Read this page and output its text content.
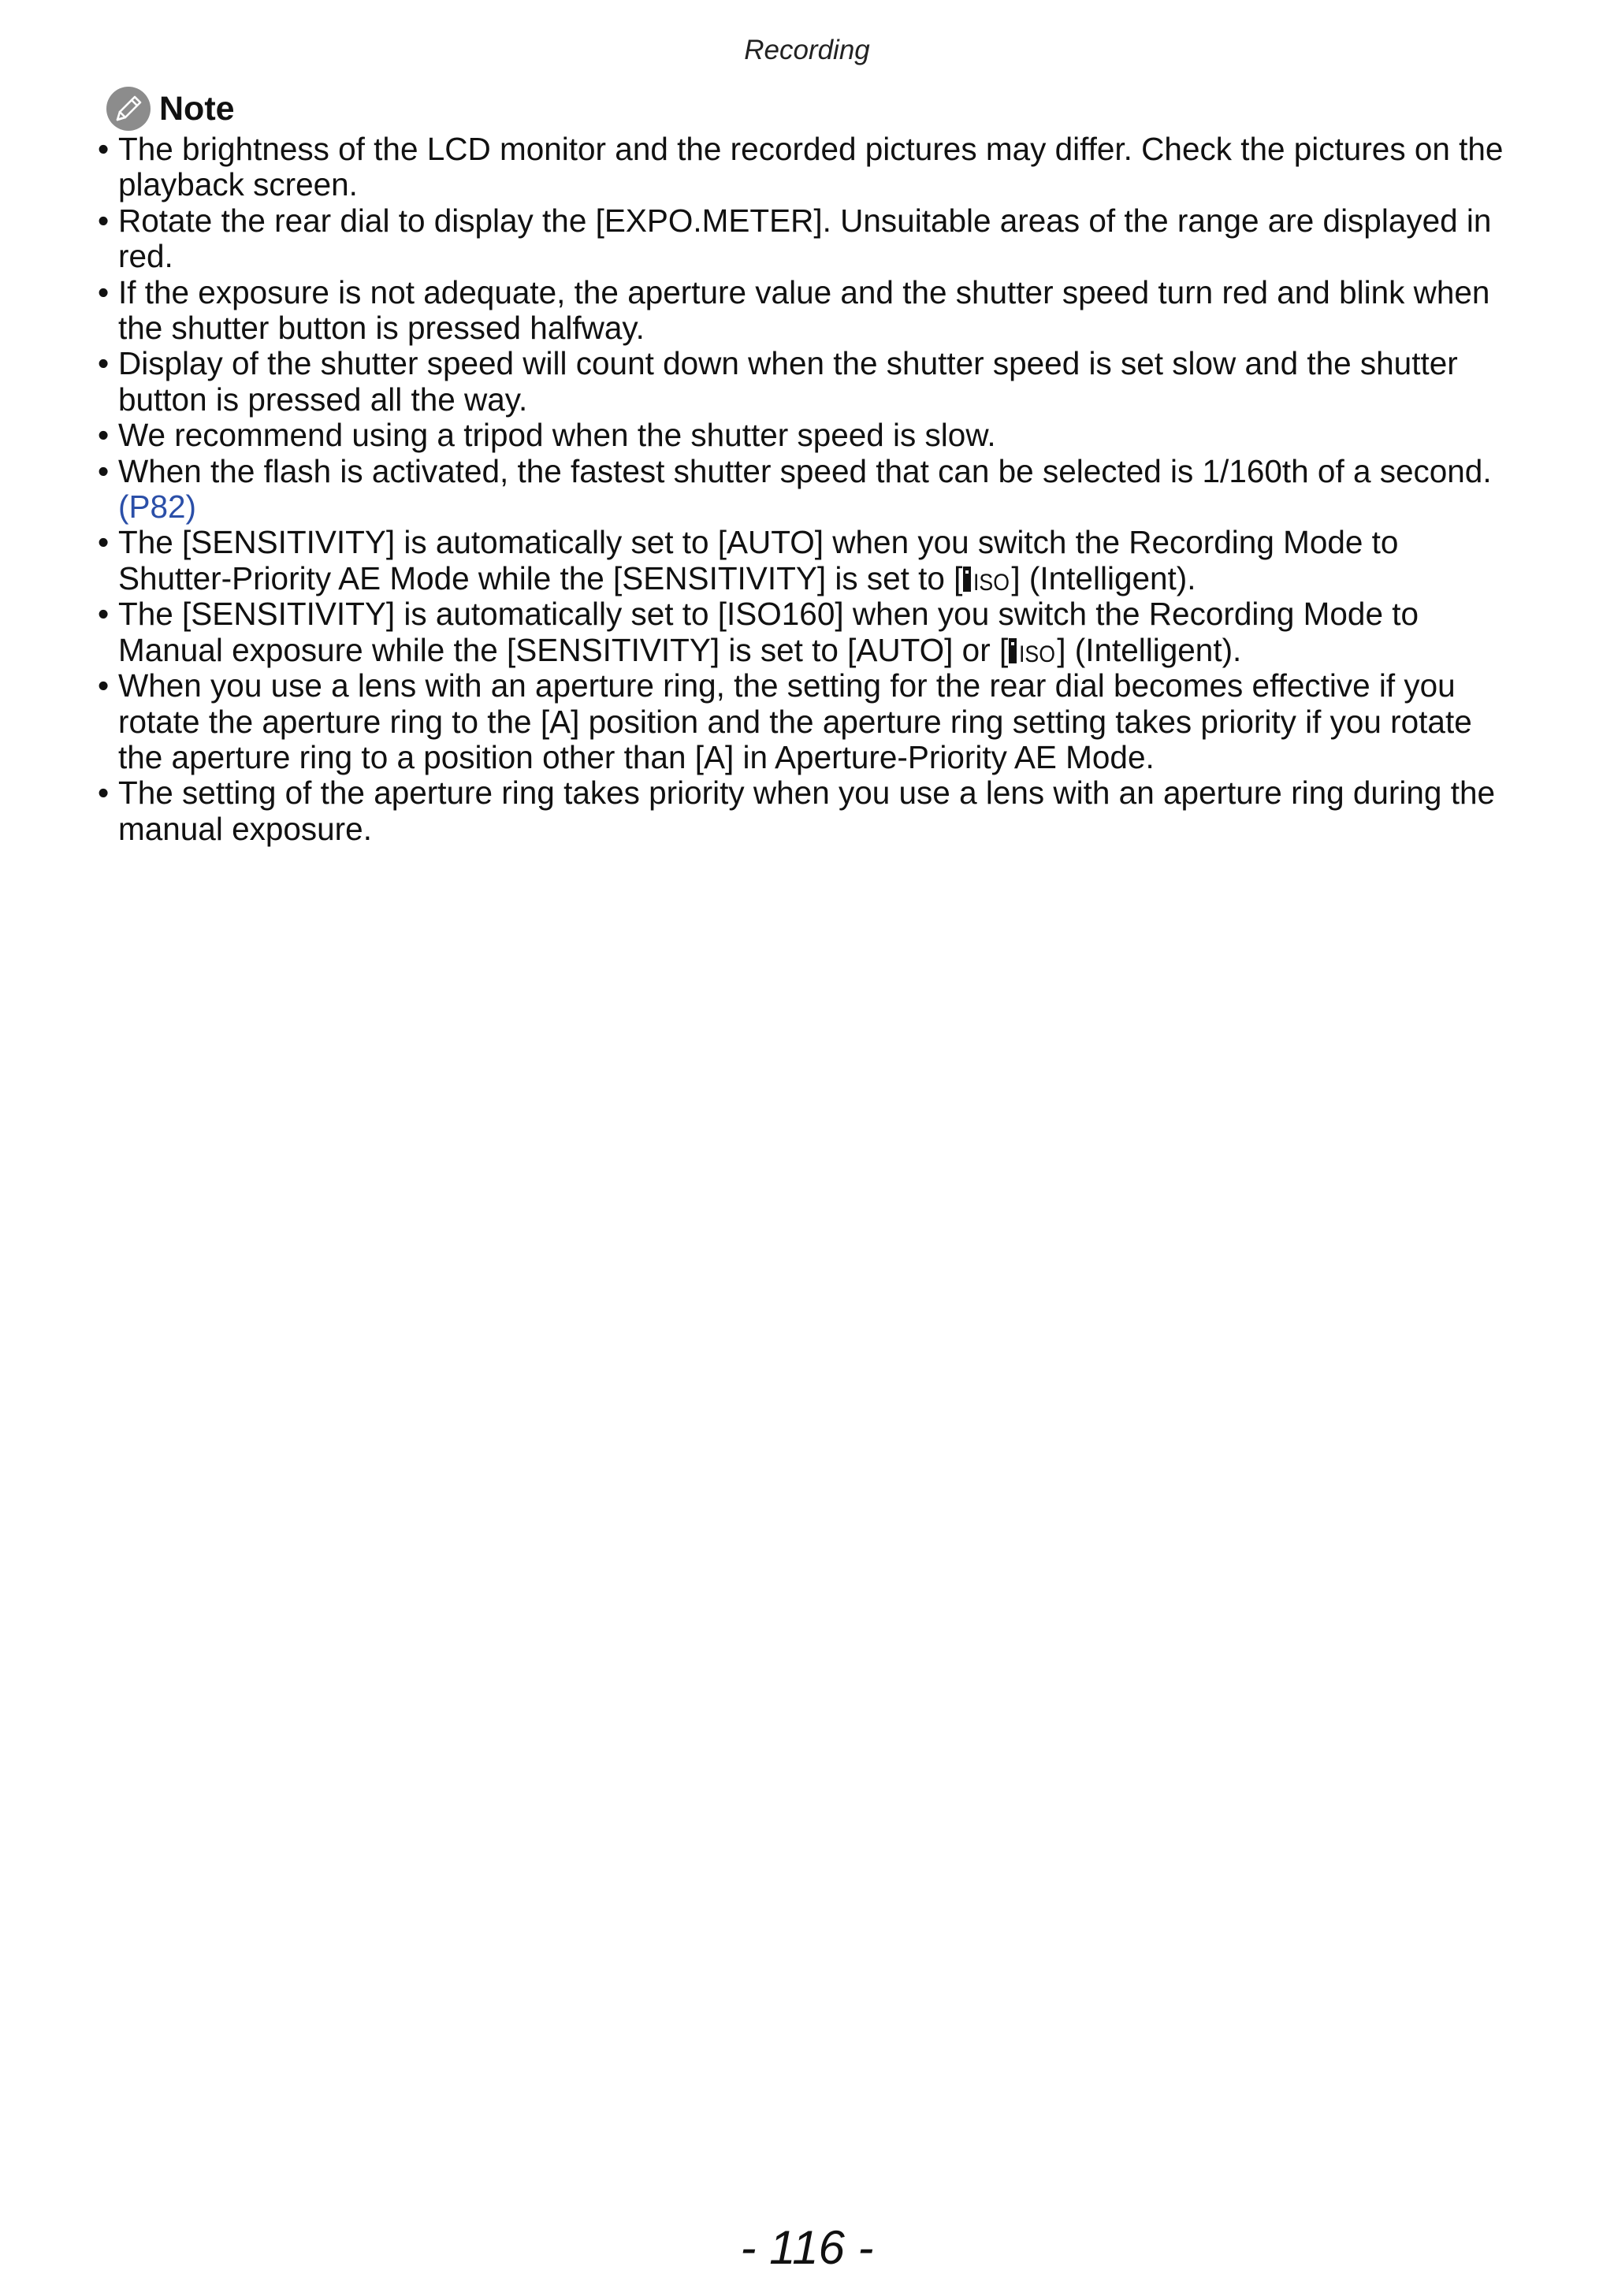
Recording
Note
• The brightness of the LCD monitor and the recorded pictures may differ. Check the pictures on the playback screen.
• Rotate the rear dial to display the [EXPO.METER]. Unsuitable areas of the range are displayed in red.
• If the exposure is not adequate, the aperture value and the shutter speed turn red and blink when the shutter button is pressed halfway.
• Display of the shutter speed will count down when the shutter speed is set slow and the shutter button is pressed all the way.
• We recommend using a tripod when the shutter speed is slow.
• When the flash is activated, the fastest shutter speed that can be selected is 1/160th of a second. (P82)
• The [SENSITIVITY] is automatically set to [AUTO] when you switch the Recording Mode to Shutter-Priority AE Mode while the [SENSITIVITY] is set to [ ISO ] (Intelligent).
• The [SENSITIVITY] is automatically set to [ISO160] when you switch the Recording Mode to Manual exposure while the [SENSITIVITY] is set to [AUTO] or [ ISO ] (Intelligent).
• When you use a lens with an aperture ring, the setting for the rear dial becomes effective if you rotate the aperture ring to the [A] position and the aperture ring setting takes priority if you rotate the aperture ring to a position other than [A] in Aperture-Priority AE Mode.
• The setting of the aperture ring takes priority when you use a lens with an aperture ring during the manual exposure.
- 116 -
